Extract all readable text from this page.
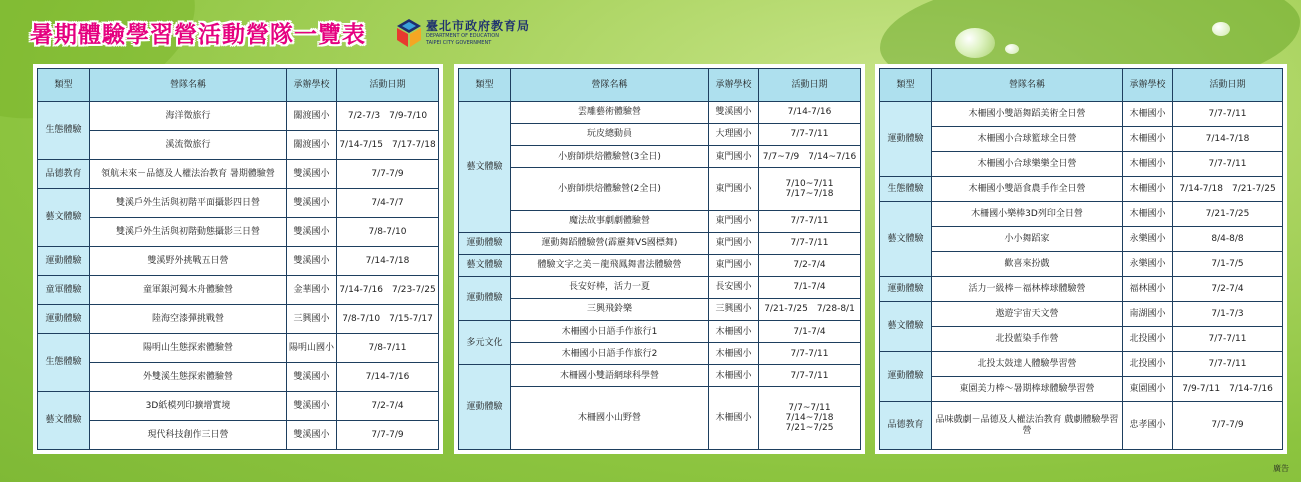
暑期體驗學習營活動營隊一覽表	臺北市政府教育局
DEPARTMENT OF EDUCATION
TAIPEI CITY GOVERNMENT
類型	營隊名稱	承辦學校	活動日期
生態體驗	海洋徵旅行	關渡國小	7/2-7/3　7/9-7/10
	溪流徵旅行	關渡國小	7/14-7/15　7/17-7/18
品德教育	領航未來－品德及人權法治教育 暑期體驗營	雙溪國小	7/7-7/9
藝文體驗	雙溪戶外生活與初階平面攝影四日營	雙溪國小	7/4-7/7
	雙溪戶外生活與初階動態攝影三日營	雙溪國小	7/8-7/10
運動體驗	雙溪野外挑戰五日營	雙溪國小	7/14-7/18
童軍體驗	童軍銀河獨木舟體驗營	金華國小	7/14-7/16　7/23-7/25
運動體驗	陸海空漆彈挑戰營	三興國小	7/8-7/10　7/15-7/17
生態體驗	陽明山生態探索體驗營	陽明山國小	7/8-7/11
	外雙溪生態探索體驗營	雙溪國小	7/14-7/16
藝文體驗	3D紙模列印擴增實境	雙溪國小	7/2-7/4
	現代科技創作三日營	雙溪國小	7/7-7/9
類型	營隊名稱	承辦學校	活動日期
藝文體驗	雲雕藝術體驗營	雙溪國小	7/14-7/16
	玩皮總動員	大理國小	7/7-7/11
	小廚師烘焙體驗營(3全日)	東門國小	7/7~7/9　7/14~7/16
	小廚師烘焙體驗營(2全日)	東門國小	7/10~7/11　7/17~7/18
	魔法故事劇劇體驗營	東門國小	7/7-7/11
運動體驗	運動舞蹈體驗營(霹靂舞VS國標舞)	東門國小	7/7-7/11
藝文體驗	體驗文字之美－龍飛鳳舞書法體驗營	東門國小	7/2-7/4
運動體驗	長安好棒，活力一夏	長安國小	7/1-7/4
	三興飛鈴樂	三興國小	7/21-7/25　7/28-8/1
多元文化	木柵國小日語手作旅行1	木柵國小	7/1-7/4
	木柵國小日語手作旅行2	木柵國小	7/7-7/11
運動體驗	木柵國小雙語網球科學營	木柵國小	7/7-7/11
	木柵國小山野營	木柵國小	7/7~7/11　7/14~7/18 7/21~7/25
類型	營隊名稱	承辦學校	活動日期
運動體驗	木柵國小雙語舞蹈美術全日營	木柵國小	7/7-7/11
	木柵國小合球籃球全日營	木柵國小	7/14-7/18
	木柵國小合球樂樂全日營	木柵國小	7/7-7/11
生態體驗	木柵國小雙語食農手作全日營	木柵國小	7/14-7/18　7/21-7/25
藝文體驗	木柵國小樂棒3D列印全日營	木柵國小	7/21-7/25
	小小舞蹈家	永樂國小	8/4-8/8
	歡喜來扮戲	永樂國小	7/1-7/5
運動體驗	活力一級棒－福林棒球體驗營	福林國小	7/2-7/4
藝文體驗	遨遊宇宙天文營	南湖國小	7/1-7/3
	北投藍染手作營	北投國小	7/7-7/11
運動體驗	北投太鼓達人體驗學習營	北投國小	7/7-7/11
	東園美力棒～暑期棒球體驗學習營	東園國小	7/9-7/11　7/14-7/16
品德教育	品味戲劇－品德及人權法治教育 戲劇體驗學習營	忠孝國小	7/7-7/9
廣告
